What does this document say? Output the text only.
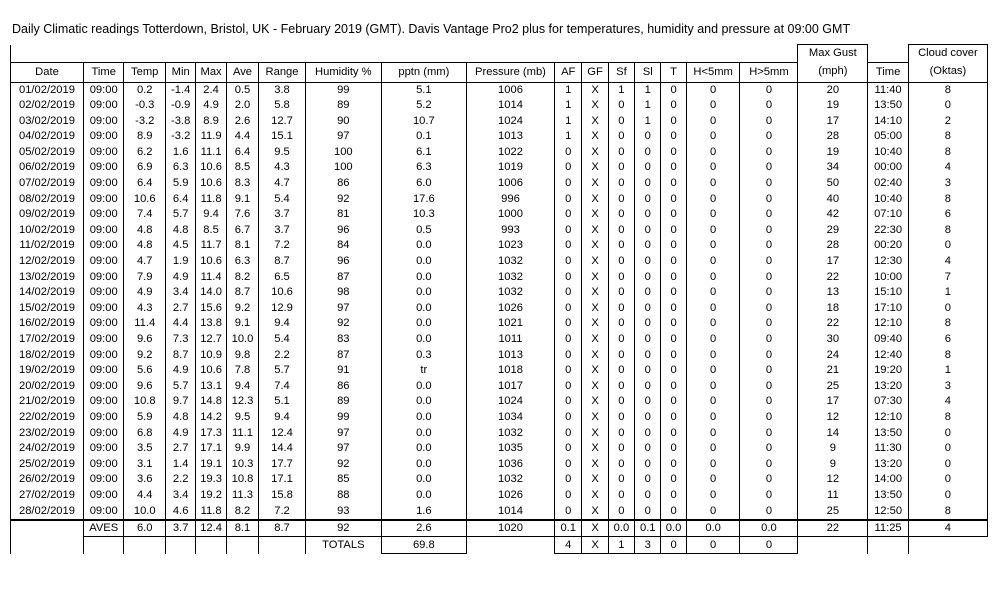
Daily Climatic readings Totterdown, Bristol, UK - February 2019 (GMT). Davis Vantage Pro2 plus for temperatures, humidity and pressure at 09:00 GMT
																	Max Gust		Cloud cover
Date	Time	Temp	Min	Max	Ave	Range	Humidity %	pptn (mm)	Pressure (mb)	AF	GF	Sf	Sl	T	H<5mm	H>5mm	(mph)	Time	(Oktas)
01/02/2019	09:00	0.2	-1.4	2.4	0.5	3.8	99	5.1	1006	1	X	1	1	0	0	0	20	11:40	8
02/02/2019	09:00	-0.3	-0.9	4.9	2.0	5.8	89	5.2	1014	1	X	0	1	0	0	0	19	13:50	0
03/02/2019	09:00	-3.2	-3.8	8.9	2.6	12.7	90	10.7	1024	1	X	0	1	0	0	0	17	14:10	2
04/02/2019	09:00	8.9	-3.2	11.9	4.4	15.1	97	0.1	1013	1	X	0	0	0	0	0	28	05:00	8
05/02/2019	09:00	6.2	1.6	11.1	6.4	9.5	100	6.1	1022	0	X	0	0	0	0	0	19	10:40	8
06/02/2019	09:00	6.9	6.3	10.6	8.5	4.3	100	6.3	1019	0	X	0	0	0	0	0	34	00:00	4
07/02/2019	09:00	6.4	5.9	10.6	8.3	4.7	86	6.0	1006	0	X	0	0	0	0	0	50	02:40	3
08/02/2019	09:00	10.6	6.4	11.8	9.1	5.4	92	17.6	996	0	X	0	0	0	0	0	40	10:40	8
09/02/2019	09:00	7.4	5.7	9.4	7.6	3.7	81	10.3	1000	0	X	0	0	0	0	0	42	07:10	6
10/02/2019	09:00	4.8	4.8	8.5	6.7	3.7	96	0.5	993	0	X	0	0	0	0	0	29	22:30	8
11/02/2019	09:00	4.8	4.5	11.7	8.1	7.2	84	0.0	1023	0	X	0	0	0	0	0	28	00:20	0
12/02/2019	09:00	4.7	1.9	10.6	6.3	8.7	96	0.0	1032	0	X	0	0	0	0	0	17	12:30	4
13/02/2019	09:00	7.9	4.9	11.4	8.2	6.5	87	0.0	1032	0	X	0	0	0	0	0	22	10:00	7
14/02/2019	09:00	4.9	3.4	14.0	8.7	10.6	98	0.0	1032	0	X	0	0	0	0	0	13	15:10	1
15/02/2019	09:00	4.3	2.7	15.6	9.2	12.9	97	0.0	1026	0	X	0	0	0	0	0	18	17:10	0
16/02/2019	09:00	11.4	4.4	13.8	9.1	9.4	92	0.0	1021	0	X	0	0	0	0	0	22	12:10	8
17/02/2019	09:00	9.6	7.3	12.7	10.0	5.4	83	0.0	1011	0	X	0	0	0	0	0	30	09:40	6
18/02/2019	09:00	9.2	8.7	10.9	9.8	2.2	87	0.3	1013	0	X	0	0	0	0	0	24	12:40	8
19/02/2019	09:00	5.6	4.9	10.6	7.8	5.7	91	tr	1018	0	X	0	0	0	0	0	21	19:20	1
20/02/2019	09:00	9.6	5.7	13.1	9.4	7.4	86	0.0	1017	0	X	0	0	0	0	0	25	13:20	3
21/02/2019	09:00	10.8	9.7	14.8	12.3	5.1	89	0.0	1024	0	X	0	0	0	0	0	17	07:30	4
22/02/2019	09:00	5.9	4.8	14.2	9.5	9.4	99	0.0	1034	0	X	0	0	0	0	0	12	12:10	8
23/02/2019	09:00	6.8	4.9	17.3	11.1	12.4	97	0.0	1032	0	X	0	0	0	0	0	14	13:50	0
24/02/2019	09:00	3.5	2.7	17.1	9.9	14.4	97	0.0	1035	0	X	0	0	0	0	0	9	11:30	0
25/02/2019	09:00	3.1	1.4	19.1	10.3	17.7	92	0.0	1036	0	X	0	0	0	0	0	9	13:20	0
26/02/2019	09:00	3.6	2.2	19.3	10.8	17.1	85	0.0	1032	0	X	0	0	0	0	0	12	14:00	0
27/02/2019	09:00	4.4	3.4	19.2	11.3	15.8	88	0.0	1026	0	X	0	0	0	0	0	11	13:50	0
28/02/2019	09:00	10.0	4.6	11.8	8.2	7.2	93	1.6	1014	0	X	0	0	0	0	0	25	12:50	8
	AVES	6.0	3.7	12.4	8.1	8.7	92	2.6	1020	0.1	X	0.0	0.1	0.0	0.0	0.0	22	11:25	4
							TOTALS	69.8		4	X	1	3	0	0	0			
